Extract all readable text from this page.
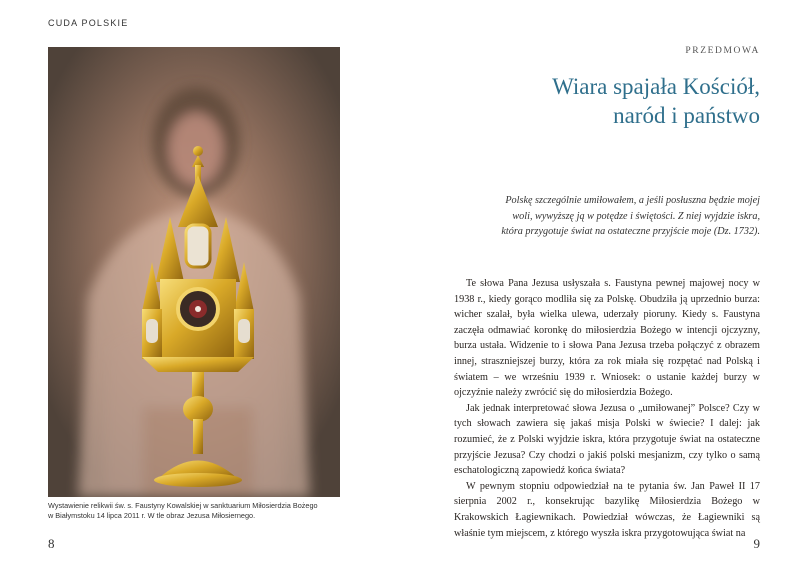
CUDA POLSKIE
Wystawienie relikwii św. s. Faustyny Kowalskiej w sanktuarium Miłosierdzia Bożego
w Białymstoku 14 lipca 2011 r. W tle obraz Jezusa Miłosiernego.
8
PRZEDMOWA
Wiara spajała Kościół,
naród i państwo
Polskę szczególnie umiłowałem, a jeśli posłuszna będzie mojej
woli, wywyższę ją w potędze i świętości. Z niej wyjdzie iskra,
która przygotuje świat na ostateczne przyjście moje (Dz. 1732).

Te słowa Pana Jezusa usłyszała s. Faustyna pewnej majowej nocy w 1938 r., kiedy gorąco modliła się za Polskę. Obudziła ją uprzednio burza: wicher szalał, była wielka ulewa, uderzały pioruny. Kiedy s. Faustyna zaczęła odmawiać koronkę do miłosierdzia Bożego w intencji ojczyzny, burza ustała. Widzenie to i słowa Pana Jezusa trzeba połączyć z obrazem innej, straszniejszej burzy, która za rok miała się rozpętać nad Polską i światem – we wrześniu 1939 r. Wniosek: o ustanie każdej burzy w ojczyźnie należy zwrócić się do miłosierdzia Bożego.

Jak jednak interpretować słowa Jezusa o „umiłowanej” Polsce? Czy w tych słowach zawiera się jakaś misja Polski w świecie? I dalej: jak rozumieć, że z Polski wyjdzie iskra, która przygotuje świat na ostateczne przyjście Jezusa? Czy chodzi o jakiś polski mesjanizm, czy tylko o samą eschatologiczną zapowiedź końca świata?

W pewnym stopniu odpowiedział na te pytania św. Jan Paweł II 17 sierpnia 2002 r., konsekrując bazylikę Miłosierdzia Bożego w Krakowskich Łagiewnikach. Powiedział wówczas, że Łagiewniki są właśnie tym miejscem, z którego wyszła iskra przygotowująca świat na

9
